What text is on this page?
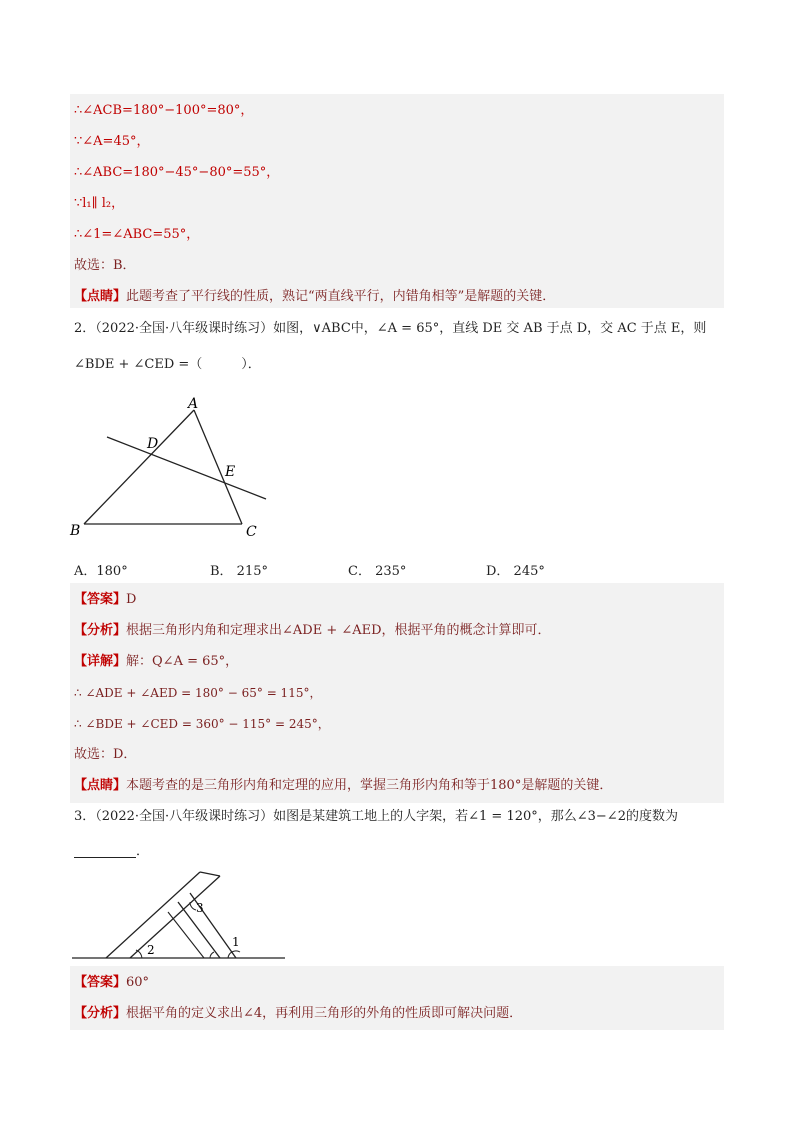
∴∠ACB=180°−100°=80°，
∵∠A=45°，
∴∠ABC=180°−45°−80°=55°，
∵l₁∥ l₂，
∴∠1=∠ABC=55°，
故选：B．
【点睛】此题考查了平行线的性质，熟记“两直线平行，内错角相等”是解题的关键．
2．（2022·全国·八年级课时练习）如图，∨ABC中，∠A = 65°，直线 DE 交 AB 于点 D，交 AC 于点 E，则
∠BDE + ∠CED =（　　　）．
A
B	C
D
E
A．180°	B． 215°	C． 235°	D． 245°
【答案】D
【分析】根据三角形内角和定理求出∠ADE + ∠AED，根据平角的概念计算即可．
【详解】解：Q∠A = 65°，
∴ ∠ADE + ∠AED = 180° − 65° = 115°，
∴ ∠BDE + ∠CED = 360° − 115° = 245°，
故选：D．
【点睛】本题考查的是三角形内角和定理的应用，掌握三角形内角和等于180°是解题的关键．
3．（2022·全国·八年级课时练习）如图是某建筑工地上的人字架，若∠1 = 120°，那么∠3−∠2的度数为
．
2
1
3
【答案】60°
【分析】根据平角的定义求出∠4，再利用三角形的外角的性质即可解决问题．
